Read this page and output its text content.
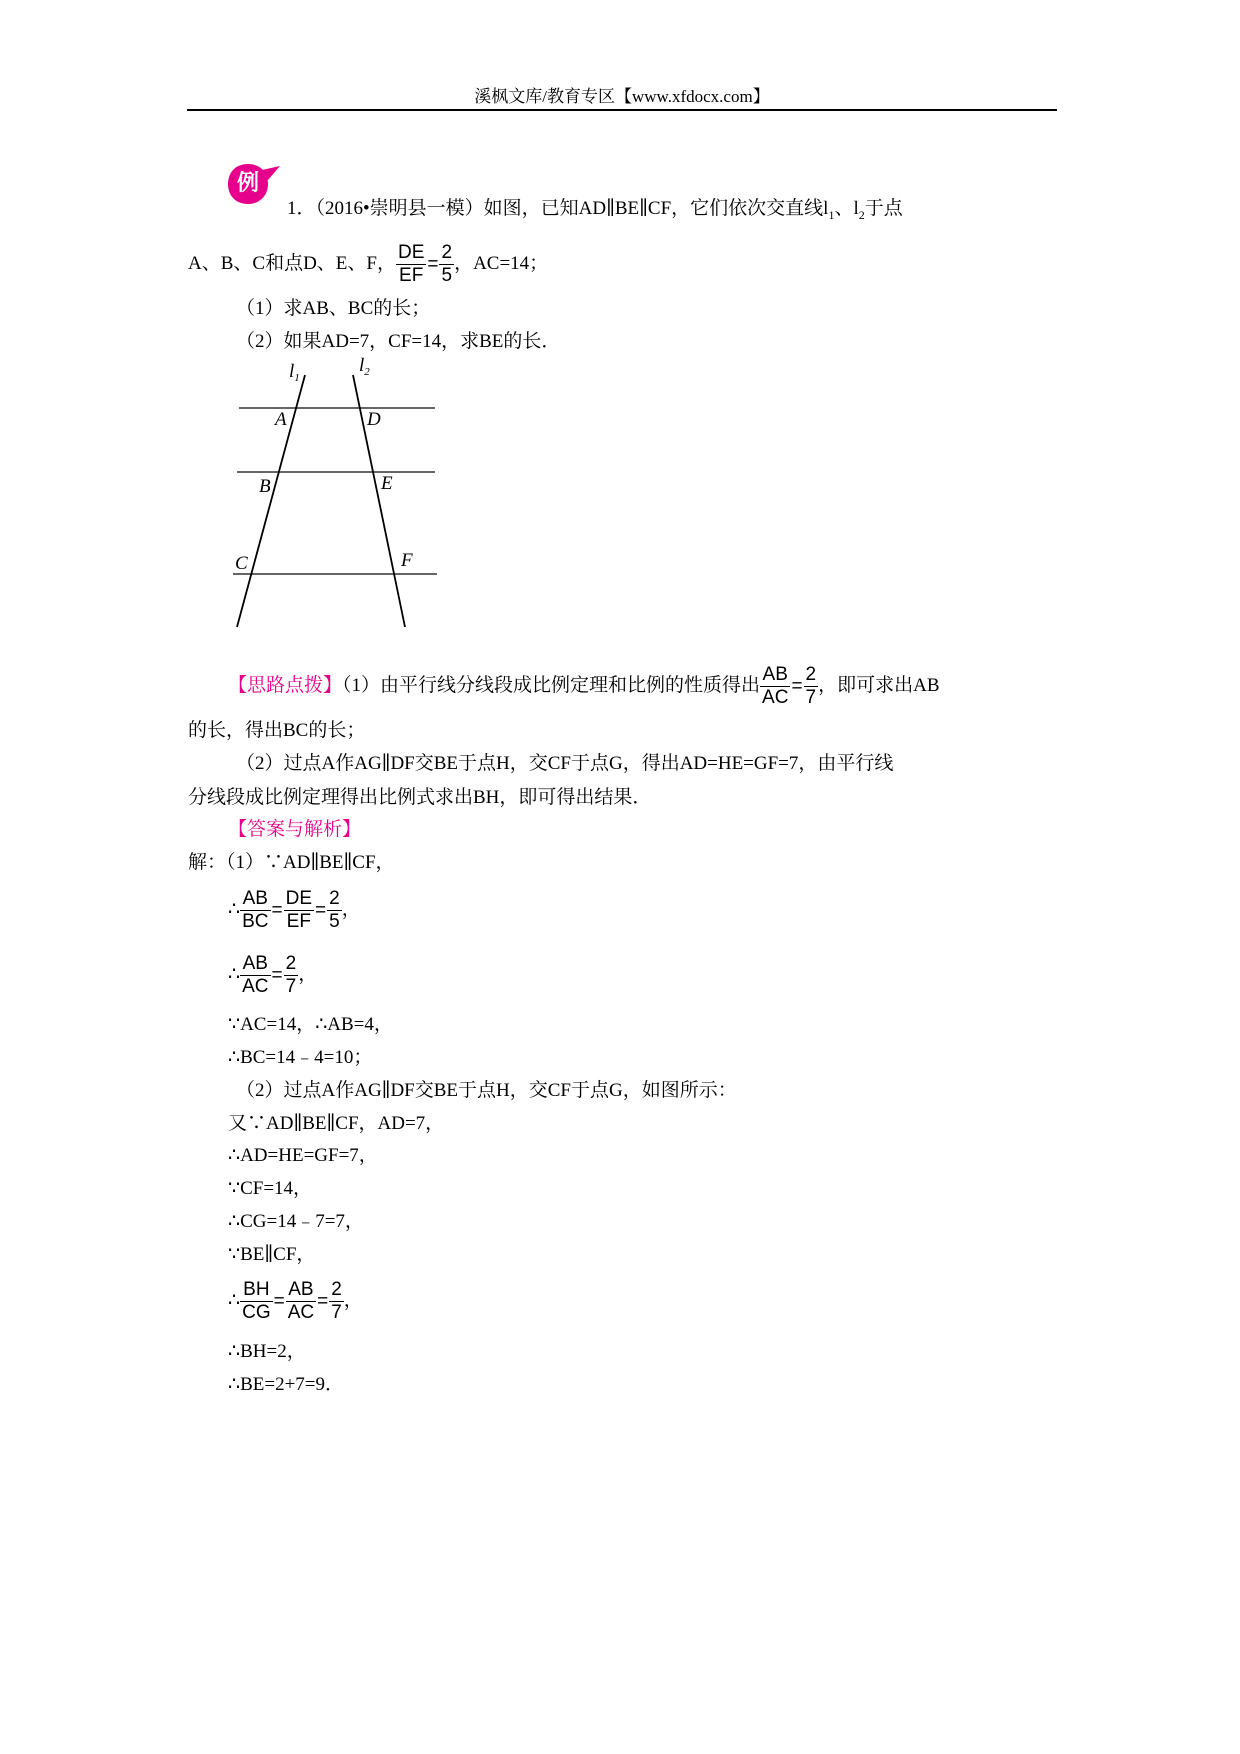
溪枫文库/教育专区【www.xfdocx.com】
例
1．（2016•崇明县一模）如图，已知AD∥BE∥CF，它们依次交直线$l_1$、$l_2$于点
A、B、C和点D、E、F， $\frac{DE}{EF} = \frac{2}{5}$ ，AC=14；
（1）求AB、BC的长；
（2）如果AD=7，CF=14，求BE的长．
$l_1$
$l_2$
A	D
B	E
C	F
【思路点拨】（1）由平行线分线段成比例定理和比例的性质得出 $\frac{AB}{AC} = \frac{2}{7}$ ，即可求出AB
的长，得出BC的长；
（2）过点A作AG∥DF交BE于点H，交CF于点G，得出AD=HE=GF=7，由平行线
分线段成比例定理得出比例式求出BH，即可得出结果．
【答案与解析】
解：（1）∵AD∥BE∥CF，
∴ $\frac{AB}{BC} = \frac{DE}{EF} = \frac{2}{5}$ ，
∴ $\frac{AB}{AC} = \frac{2}{7}$ ，
∵AC=14，∴AB=4，
∴BC=14﹣4=10；
（2）过点A作AG∥DF交BE于点H，交CF于点G，如图所示：
又∵AD∥BE∥CF，AD=7，
∴AD=HE=GF=7，
∵CF=14，
∴CG=14﹣7=7，
∵BE∥CF，
∴ $\frac{BH}{CG} = \frac{AB}{AC} = \frac{2}{7}$ ，
∴BH=2，
∴BE=2+7=9．
